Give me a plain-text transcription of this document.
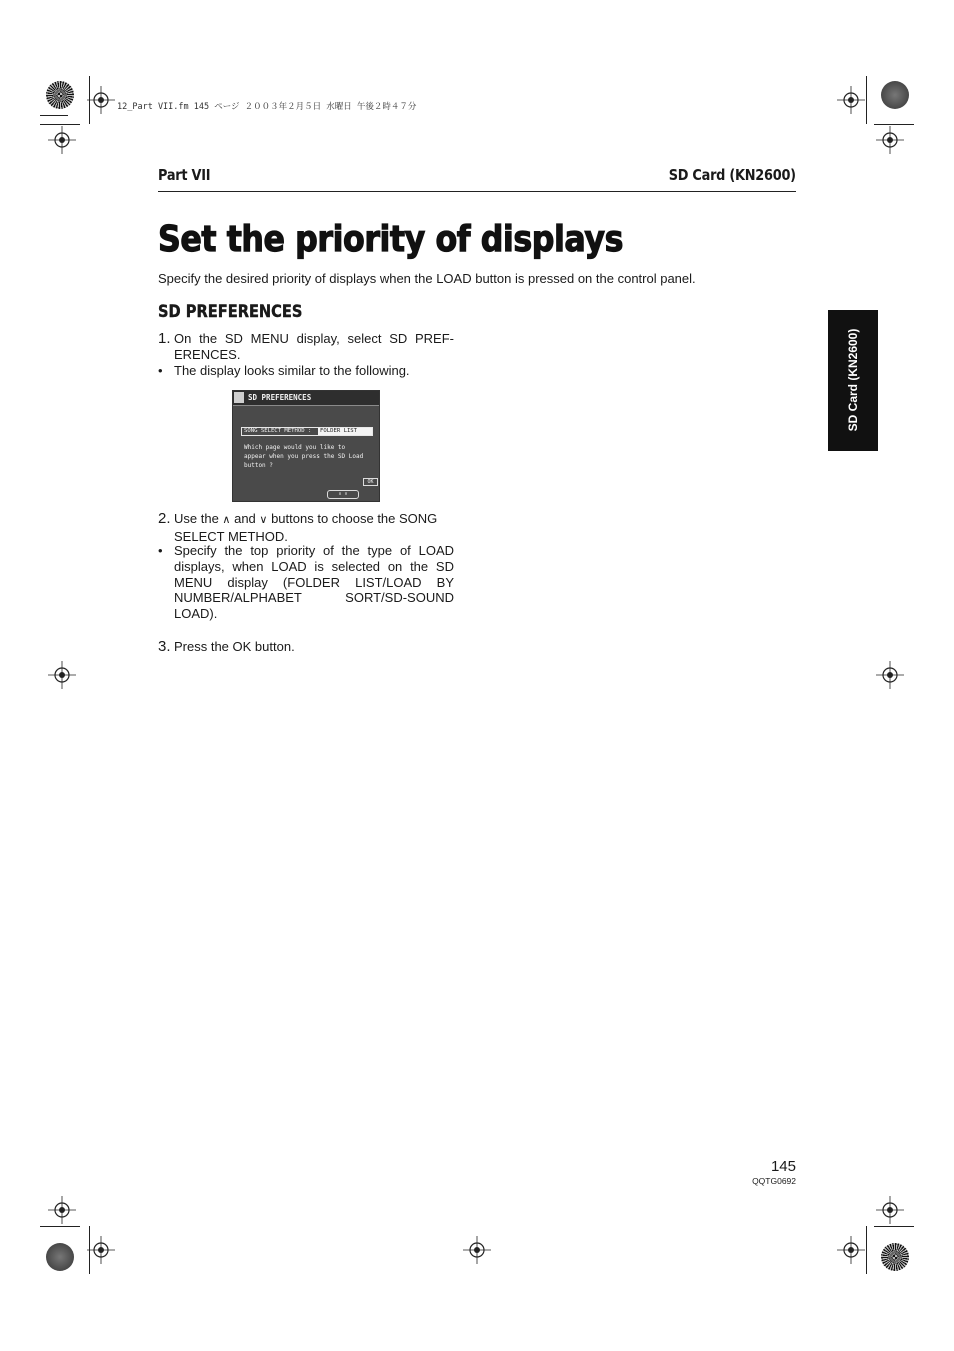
12_Part VII.fm 145 ページ ２００３年２月５日 水曜日 午後２時４７分
Part VII	SD Card (KN2600)
Set the priority of displays
Specify the desired priority of displays when the LOAD button is pressed on the control panel.
SD PREFERENCES
1. On the SD MENU display, select SD PREF-ERENCES.
• The display looks similar to the following.
SD PREFERENCES
SONG SELECT METHOD :	FOLDER LIST
Which page would you like to
appear when you press the SD Load
button ?
OK
∧ ∨
2. Use the ∧ and ∨ buttons to choose the SONG SELECT METHOD.
• Specify the top priority of the type of LOAD displays, when LOAD is selected on the SD MENU display (FOLDER LIST/LOAD BY NUMBER/ALPHABET SORT/SD-SOUND LOAD).
3. Press the OK button.
SD Card (KN2600)
145
QQTG0692
